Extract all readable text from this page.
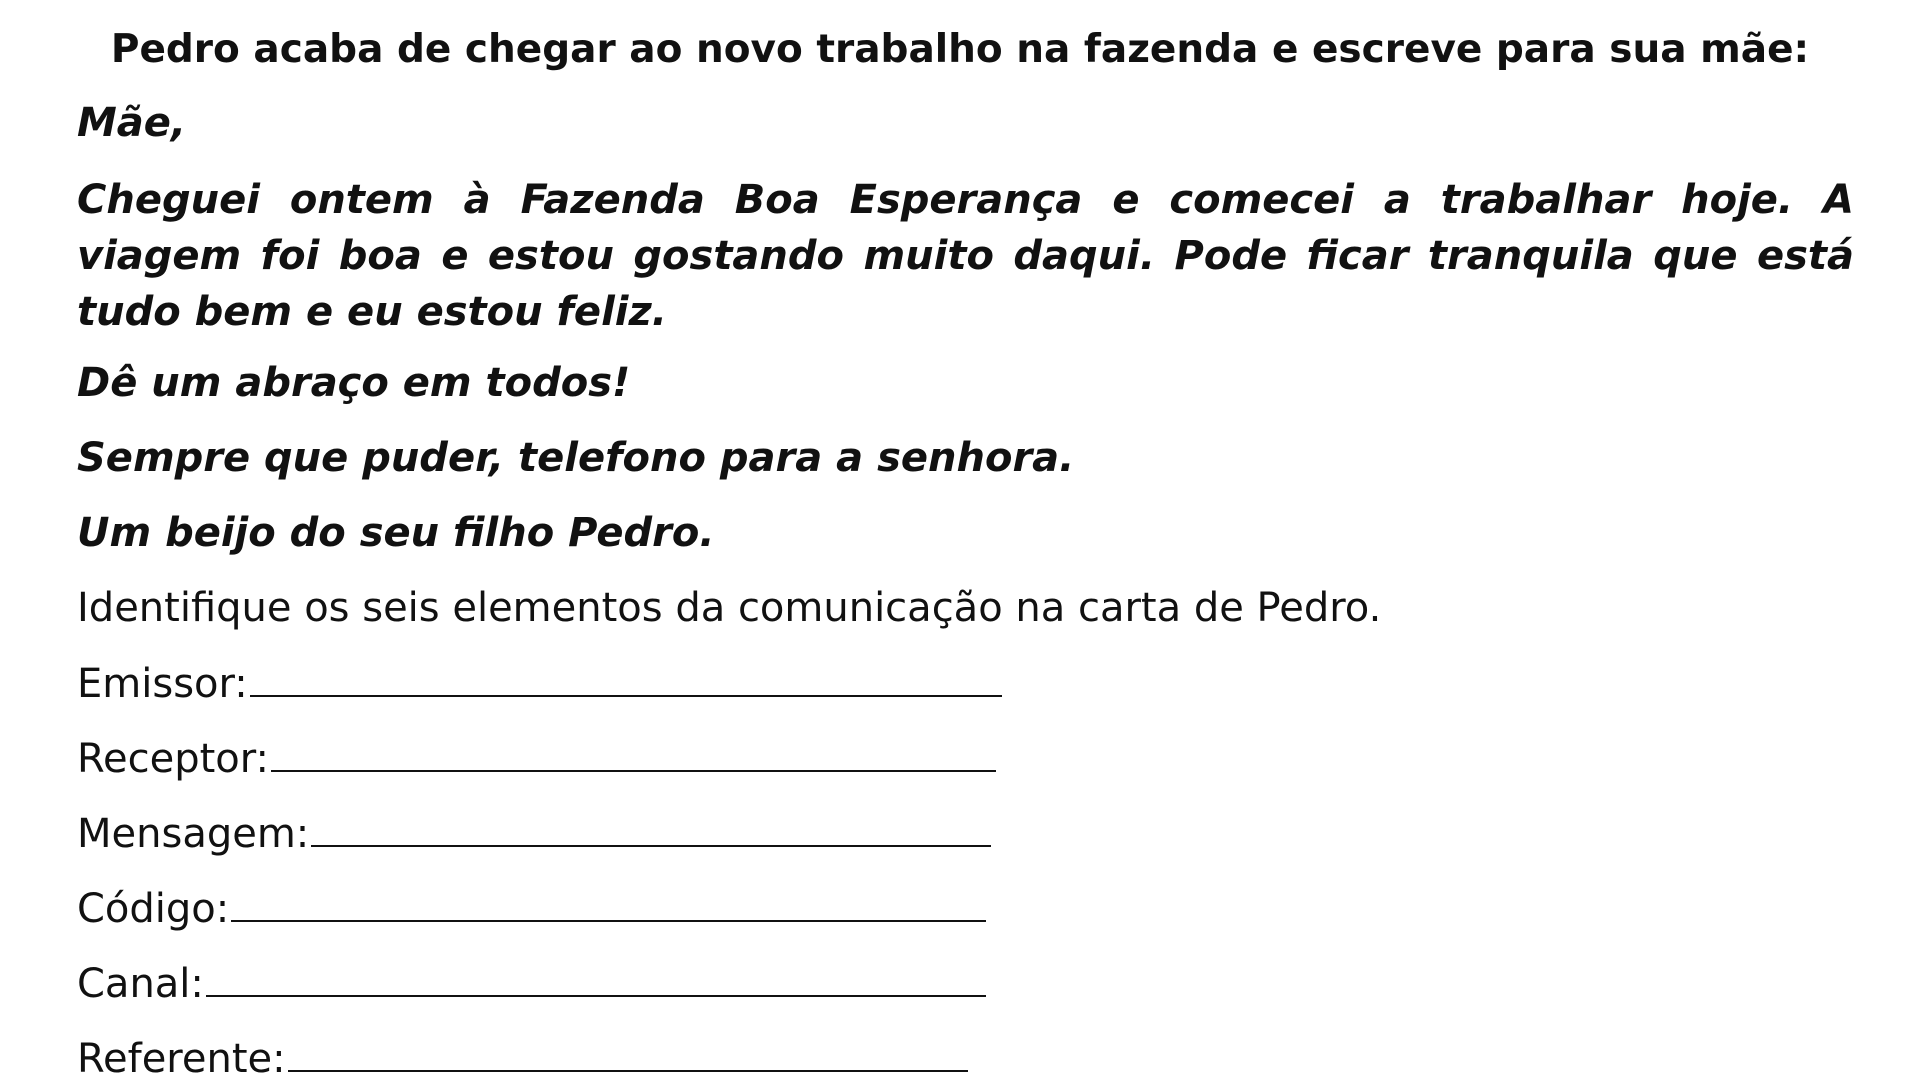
Pedro acaba de chegar ao novo trabalho na fazenda e escreve para sua mãe:
Mãe,
Cheguei ontem à Fazenda Boa Esperança e comecei a trabalhar hoje. A viagem foi boa e estou gostando muito daqui. Pode ficar tranquila que está tudo bem e eu estou feliz.
Dê um abraço em todos!
Sempre que puder, telefono para a senhora.
Um beijo do seu filho Pedro.
Identifique os seis elementos da comunicação na carta de Pedro.
Emissor:
Receptor:
Mensagem:
Código:
Canal:
Referente:
